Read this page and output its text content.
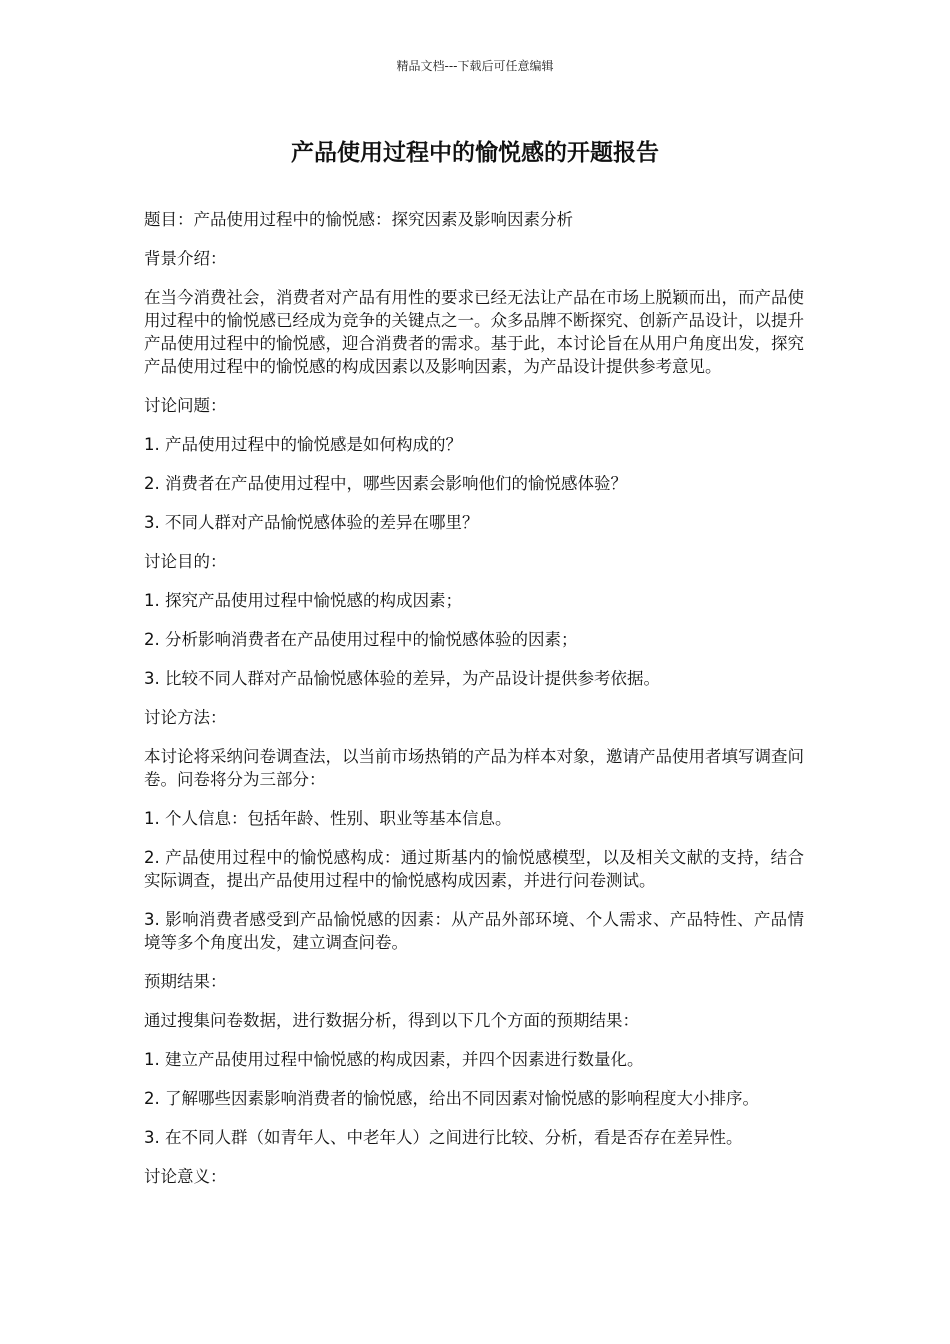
精品文档---下载后可任意编辑
产品使用过程中的愉悦感的开题报告

题目：产品使用过程中的愉悦感：探究因素及影响因素分析

背景介绍：

在当今消费社会，消费者对产品有用性的要求已经无法让产品在市场上脱颖而出，而产品使用过程中的愉悦感已经成为竞争的关键点之一。众多品牌不断探究、创新产品设计，以提升产品使用过程中的愉悦感，迎合消费者的需求。基于此，本讨论旨在从用户角度出发，探究产品使用过程中的愉悦感的构成因素以及影响因素，为产品设计提供参考意见。

讨论问题：

1. 产品使用过程中的愉悦感是如何构成的？

2. 消费者在产品使用过程中，哪些因素会影响他们的愉悦感体验？

3. 不同人群对产品愉悦感体验的差异在哪里？

讨论目的：

1. 探究产品使用过程中愉悦感的构成因素；

2. 分析影响消费者在产品使用过程中的愉悦感体验的因素；

3. 比较不同人群对产品愉悦感体验的差异，为产品设计提供参考依据。

讨论方法：

本讨论将采纳问卷调查法，以当前市场热销的产品为样本对象，邀请产品使用者填写调查问卷。问卷将分为三部分：

1. 个人信息：包括年龄、性别、职业等基本信息。

2. 产品使用过程中的愉悦感构成：通过斯基内的愉悦感模型，以及相关文献的支持，结合实际调查，提出产品使用过程中的愉悦感构成因素，并进行问卷测试。

3. 影响消费者感受到产品愉悦感的因素：从产品外部环境、个人需求、产品特性、产品情境等多个角度出发，建立调查问卷。

预期结果：

通过搜集问卷数据，进行数据分析，得到以下几个方面的预期结果：

1. 建立产品使用过程中愉悦感的构成因素，并四个因素进行数量化。

2. 了解哪些因素影响消费者的愉悦感，给出不同因素对愉悦感的影响程度大小排序。

3. 在不同人群（如青年人、中老年人）之间进行比较、分析，看是否存在差异性。

讨论意义：
